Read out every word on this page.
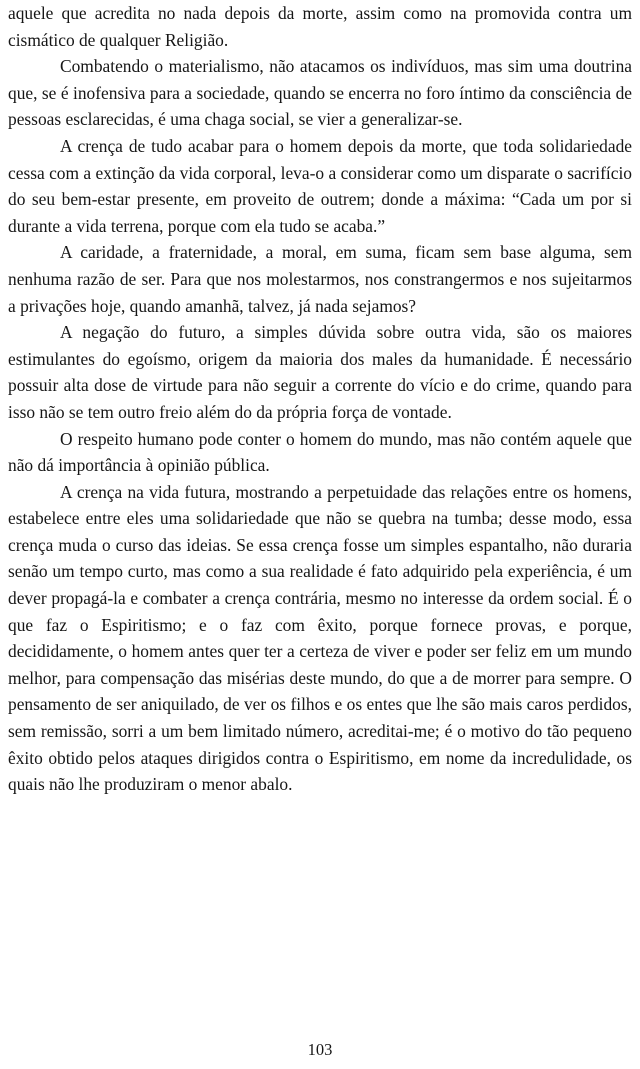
aquele que acredita no nada depois da morte, assim como na promovida contra um cismático de qualquer Religião.

Combatendo o materialismo, não atacamos os indivíduos, mas sim uma doutrina que, se é inofensiva para a sociedade, quando se encerra no foro íntimo da consciência de pessoas esclarecidas, é uma chaga social, se vier a generalizar-se.

A crença de tudo acabar para o homem depois da morte, que toda solidariedade cessa com a extinção da vida corporal, leva-o a considerar como um disparate o sacrifício do seu bem-estar presente, em proveito de outrem; donde a máxima: “Cada um por si durante a vida terrena, porque com ela tudo se acaba.”

A caridade, a fraternidade, a moral, em suma, ficam sem base alguma, sem nenhuma razão de ser. Para que nos molestarmos, nos constrangermos e nos sujeitarmos a privações hoje, quando amanhã, talvez, já nada sejamos?

A negação do futuro, a simples dúvida sobre outra vida, são os maiores estimulantes do egoísmo, origem da maioria dos males da humanidade. É necessário possuir alta dose de virtude para não seguir a corrente do vício e do crime, quando para isso não se tem outro freio além do da própria força de vontade.

O respeito humano pode conter o homem do mundo, mas não contém aquele que não dá importância à opinião pública.

A crença na vida futura, mostrando a perpetuidade das relações entre os homens, estabelece entre eles uma solidariedade que não se quebra na tumba; desse modo, essa crença muda o curso das ideias. Se essa crença fosse um simples espantalho, não duraria senão um tempo curto, mas como a sua realidade é fato adquirido pela experiência, é um dever propagá-la e combater a crença contrária, mesmo no interesse da ordem social. É o que faz o Espiritismo; e o faz com êxito, porque fornece provas, e porque, decididamente, o homem antes quer ter a certeza de viver e poder ser feliz em um mundo melhor, para compensação das misérias deste mundo, do que a de morrer para sempre. O pensamento de ser aniquilado, de ver os filhos e os entes que lhe são mais caros perdidos, sem remissão, sorri a um bem limitado número, acreditai-me; é o motivo do tão pequeno êxito obtido pelos ataques dirigidos contra o Espiritismo, em nome da incredulidade, os quais não lhe produziram o menor abalo.

103
